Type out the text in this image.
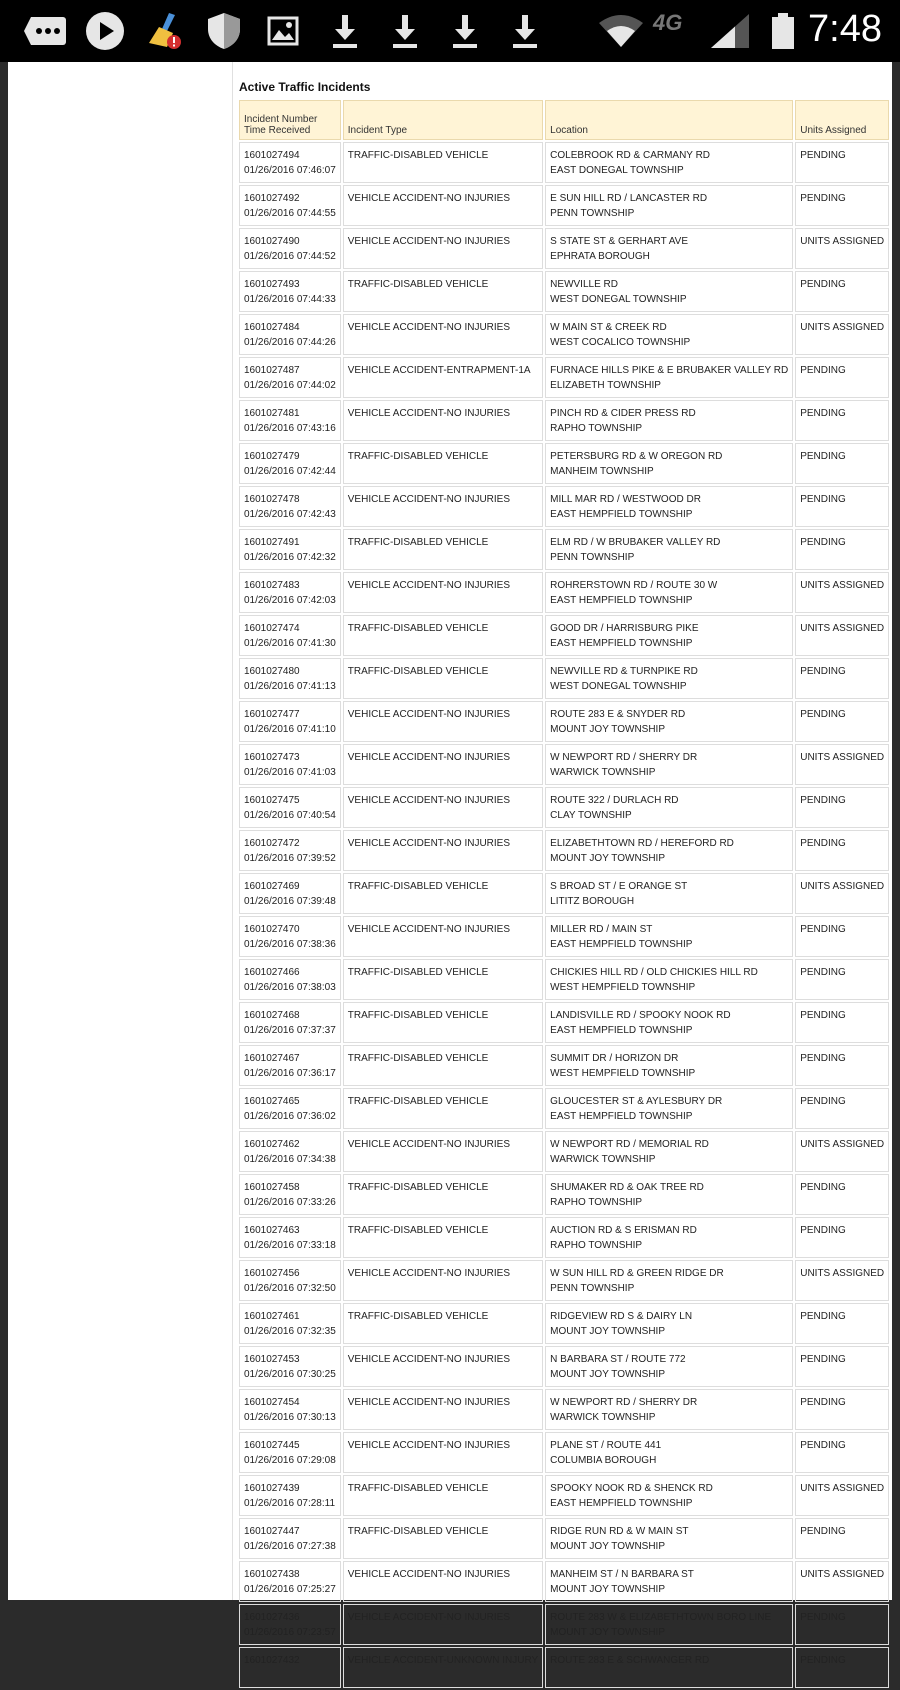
4G	7:48
Active Traffic Incidents
Incident Number
Time Received	Incident Type	Location	Units Assigned

1601027494
01/26/2016 07:46:07	TRAFFIC-DISABLED VEHICLE	COLEBROOK RD & CARMANY RD
EAST DONEGAL TOWNSHIP	PENDING

1601027492
01/26/2016 07:44:55	VEHICLE ACCIDENT-NO INJURIES	E SUN HILL RD / LANCASTER RD
PENN TOWNSHIP	PENDING

1601027490
01/26/2016 07:44:52	VEHICLE ACCIDENT-NO INJURIES	S STATE ST & GERHART AVE
EPHRATA BOROUGH	UNITS ASSIGNED

1601027493
01/26/2016 07:44:33	TRAFFIC-DISABLED VEHICLE	NEWVILLE RD
WEST DONEGAL TOWNSHIP	PENDING

1601027484
01/26/2016 07:44:26	VEHICLE ACCIDENT-NO INJURIES	W MAIN ST & CREEK RD
WEST COCALICO TOWNSHIP	UNITS ASSIGNED

1601027487
01/26/2016 07:44:02	VEHICLE ACCIDENT-ENTRAPMENT-1A	FURNACE HILLS PIKE & E BRUBAKER VALLEY RD
ELIZABETH TOWNSHIP	PENDING

1601027481
01/26/2016 07:43:16	VEHICLE ACCIDENT-NO INJURIES	PINCH RD & CIDER PRESS RD
RAPHO TOWNSHIP	PENDING

1601027479
01/26/2016 07:42:44	TRAFFIC-DISABLED VEHICLE	PETERSBURG RD & W OREGON RD
MANHEIM TOWNSHIP	PENDING

1601027478
01/26/2016 07:42:43	VEHICLE ACCIDENT-NO INJURIES	MILL MAR RD / WESTWOOD DR
EAST HEMPFIELD TOWNSHIP	PENDING

1601027491
01/26/2016 07:42:32	TRAFFIC-DISABLED VEHICLE	ELM RD / W BRUBAKER VALLEY RD
PENN TOWNSHIP	PENDING

1601027483
01/26/2016 07:42:03	VEHICLE ACCIDENT-NO INJURIES	ROHRERSTOWN RD / ROUTE 30 W
EAST HEMPFIELD TOWNSHIP	UNITS ASSIGNED

1601027474
01/26/2016 07:41:30	TRAFFIC-DISABLED VEHICLE	GOOD DR / HARRISBURG PIKE
EAST HEMPFIELD TOWNSHIP	UNITS ASSIGNED

1601027480
01/26/2016 07:41:13	TRAFFIC-DISABLED VEHICLE	NEWVILLE RD & TURNPIKE RD
WEST DONEGAL TOWNSHIP	PENDING

1601027477
01/26/2016 07:41:10	VEHICLE ACCIDENT-NO INJURIES	ROUTE 283 E & SNYDER RD
MOUNT JOY TOWNSHIP	PENDING

1601027473
01/26/2016 07:41:03	VEHICLE ACCIDENT-NO INJURIES	W NEWPORT RD / SHERRY DR
WARWICK TOWNSHIP	UNITS ASSIGNED

1601027475
01/26/2016 07:40:54	VEHICLE ACCIDENT-NO INJURIES	ROUTE 322 / DURLACH RD
CLAY TOWNSHIP	PENDING

1601027472
01/26/2016 07:39:52	VEHICLE ACCIDENT-NO INJURIES	ELIZABETHTOWN RD / HEREFORD RD
MOUNT JOY TOWNSHIP	PENDING

1601027469
01/26/2016 07:39:48	TRAFFIC-DISABLED VEHICLE	S BROAD ST / E ORANGE ST
LITITZ BOROUGH	UNITS ASSIGNED

1601027470
01/26/2016 07:38:36	VEHICLE ACCIDENT-NO INJURIES	MILLER RD / MAIN ST
EAST HEMPFIELD TOWNSHIP	PENDING

1601027466
01/26/2016 07:38:03	TRAFFIC-DISABLED VEHICLE	CHICKIES HILL RD / OLD CHICKIES HILL RD
WEST HEMPFIELD TOWNSHIP	PENDING

1601027468
01/26/2016 07:37:37	TRAFFIC-DISABLED VEHICLE	LANDISVILLE RD / SPOOKY NOOK RD
EAST HEMPFIELD TOWNSHIP	PENDING

1601027467
01/26/2016 07:36:17	TRAFFIC-DISABLED VEHICLE	SUMMIT DR / HORIZON DR
WEST HEMPFIELD TOWNSHIP	PENDING

1601027465
01/26/2016 07:36:02	TRAFFIC-DISABLED VEHICLE	GLOUCESTER ST & AYLESBURY DR
EAST HEMPFIELD TOWNSHIP	PENDING

1601027462
01/26/2016 07:34:38	VEHICLE ACCIDENT-NO INJURIES	W NEWPORT RD / MEMORIAL RD
WARWICK TOWNSHIP	UNITS ASSIGNED

1601027458
01/26/2016 07:33:26	TRAFFIC-DISABLED VEHICLE	SHUMAKER RD & OAK TREE RD
RAPHO TOWNSHIP	PENDING

1601027463
01/26/2016 07:33:18	TRAFFIC-DISABLED VEHICLE	AUCTION RD & S ERISMAN RD
RAPHO TOWNSHIP	PENDING

1601027456
01/26/2016 07:32:50	VEHICLE ACCIDENT-NO INJURIES	W SUN HILL RD & GREEN RIDGE DR
PENN TOWNSHIP	UNITS ASSIGNED

1601027461
01/26/2016 07:32:35	TRAFFIC-DISABLED VEHICLE	RIDGEVIEW RD S & DAIRY LN
MOUNT JOY TOWNSHIP	PENDING

1601027453
01/26/2016 07:30:25	VEHICLE ACCIDENT-NO INJURIES	N BARBARA ST / ROUTE 772
MOUNT JOY TOWNSHIP	PENDING

1601027454
01/26/2016 07:30:13	VEHICLE ACCIDENT-NO INJURIES	W NEWPORT RD / SHERRY DR
WARWICK TOWNSHIP	PENDING

1601027445
01/26/2016 07:29:08	VEHICLE ACCIDENT-NO INJURIES	PLANE ST / ROUTE 441
COLUMBIA BOROUGH	PENDING

1601027439
01/26/2016 07:28:11	TRAFFIC-DISABLED VEHICLE	SPOOKY NOOK RD & SHENCK RD
EAST HEMPFIELD TOWNSHIP	UNITS ASSIGNED

1601027447
01/26/2016 07:27:38	TRAFFIC-DISABLED VEHICLE	RIDGE RUN RD & W MAIN ST
MOUNT JOY TOWNSHIP	PENDING

1601027438
01/26/2016 07:25:27	VEHICLE ACCIDENT-NO INJURIES	MANHEIM ST / N BARBARA ST
MOUNT JOY TOWNSHIP	UNITS ASSIGNED

1601027436
01/26/2016 07:23:57	VEHICLE ACCIDENT-NO INJURIES	ROUTE 283 W & ELIZABETHTOWN BORO LINE
MOUNT JOY TOWNSHIP	PENDING

1601027432	VEHICLE ACCIDENT-UNKNOWN INJURY	ROUTE 283 E & SCHWANGER RD	PENDING
